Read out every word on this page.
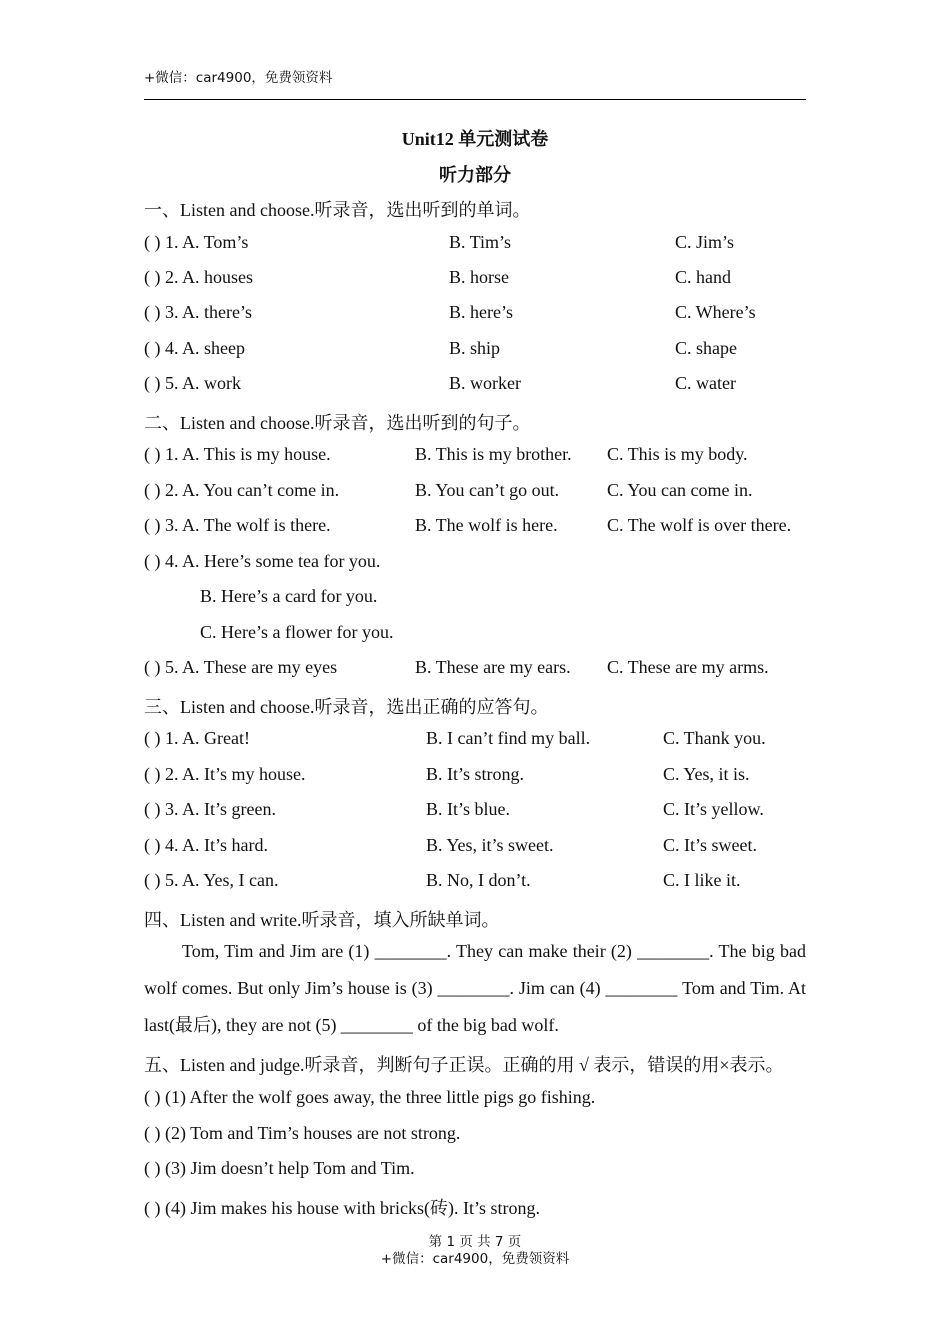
+微信：car4900，免费领资料
Unit12 单元测试卷
听力部分
一、Listen and choose.听录音，选出听到的单词。
( ) 1. A. Tom’s	B. Tim’s	C. Jim’s
( ) 2. A. houses	B. horse	C. hand
( ) 3. A. there’s	B. here’s	C. Where’s
( ) 4. A. sheep	B. ship	C. shape
( ) 5. A. work	B. worker	C. water
二、Listen and choose.听录音，选出听到的句子。
( ) 1. A. This is my house.	B. This is my brother. C. This is my body.
( ) 2. A. You can’t come in.	B. You can’t go out.	C. You can come in.
( ) 3. A. The wolf is there.	B. The wolf is here.	C. The wolf is over there.
( ) 4. A. Here’s some tea for you.
B. Here’s a card for you.
C. Here’s a flower for you.
( ) 5. A. These are my eyes	B. These are my ears. C. These are my arms.
三、Listen and choose.听录音，选出正确的应答句。
( ) 1. A. Great!	B. I can’t find my ball.	C. Thank you.
( ) 2. A. It’s my house.	B. It’s strong.	C. Yes, it is.
( ) 3. A. It’s green.	B. It’s blue.	C. It’s yellow.
( ) 4. A. It’s hard.	B. Yes, it’s sweet.	C. It’s sweet.
( ) 5. A. Yes, I can.	B. No, I don’t.	C. I like it.
四、Listen and write.听录音，填入所缺单词。

Tom, Tim and Jim are (1) ________. They can make their (2) ________. The big bad wolf comes. But only Jim’s house is (3) ________. Jim can (4) ________ Tom and Tim. At last(最后), they are not (5) ________ of the big bad wolf.

五、Listen and judge.听录音，判断句子正误。正确的用 √ 表示，错误的用×表示。
( ) (1) After the wolf goes away, the three little pigs go fishing.
( ) (2) Tom and Tim’s houses are not strong.
( ) (3) Jim doesn’t help Tom and Tim.
( ) (4) Jim makes his house with bricks(砖). It’s strong.
第 1 页 共 7 页
+微信：car4900，免费领资料
